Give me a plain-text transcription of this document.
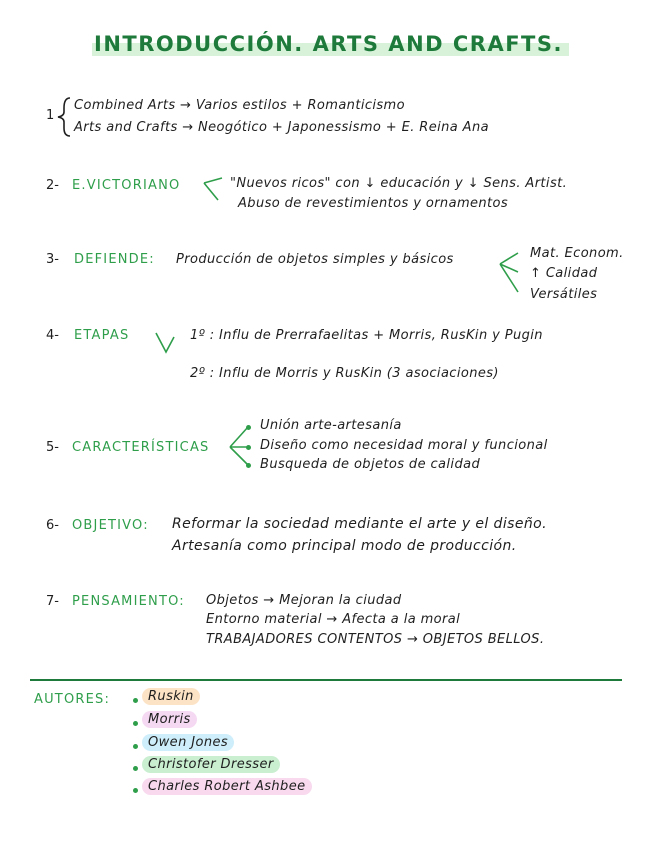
INTRODUCCIÓN. ARTS AND CRAFTS.
1
Combined Arts → Varios estilos + Romanticismo
Arts and Crafts → Neogótico + Japonessismo + E. Reina Ana
2- E.VICTORIANO	"Nuevos ricos" con ↓ educación y ↓ Sens. Artist.
Abuso de revestimientos y ornamentos
3- DEFIENDE: Producción de objetos simples y básicos	Mat. Econom.
↑ Calidad
Versátiles
4- ETAPAS	1º : Influ de Prerrafaelitas + Morris, RusKin y Pugin
2º : Influ de Morris y RusKin (3 asociaciones)
5- CARACTERÍSTICAS
Unión arte-artesanía
Diseño como necesidad moral y funcional
Busqueda de objetos de calidad
6- OBJETIVO: Reformar la sociedad mediante el arte y el diseño.
Artesanía como principal modo de producción.
7- PENSAMIENTO: Objetos → Mejoran la ciudad
Entorno material → Afecta a la moral
TRABAJADORES CONTENTOS → OBJETOS BELLOS.
AUTORES:	Ruskin
Morris
Owen Jones
Christofer Dresser
Charles Robert Ashbee
